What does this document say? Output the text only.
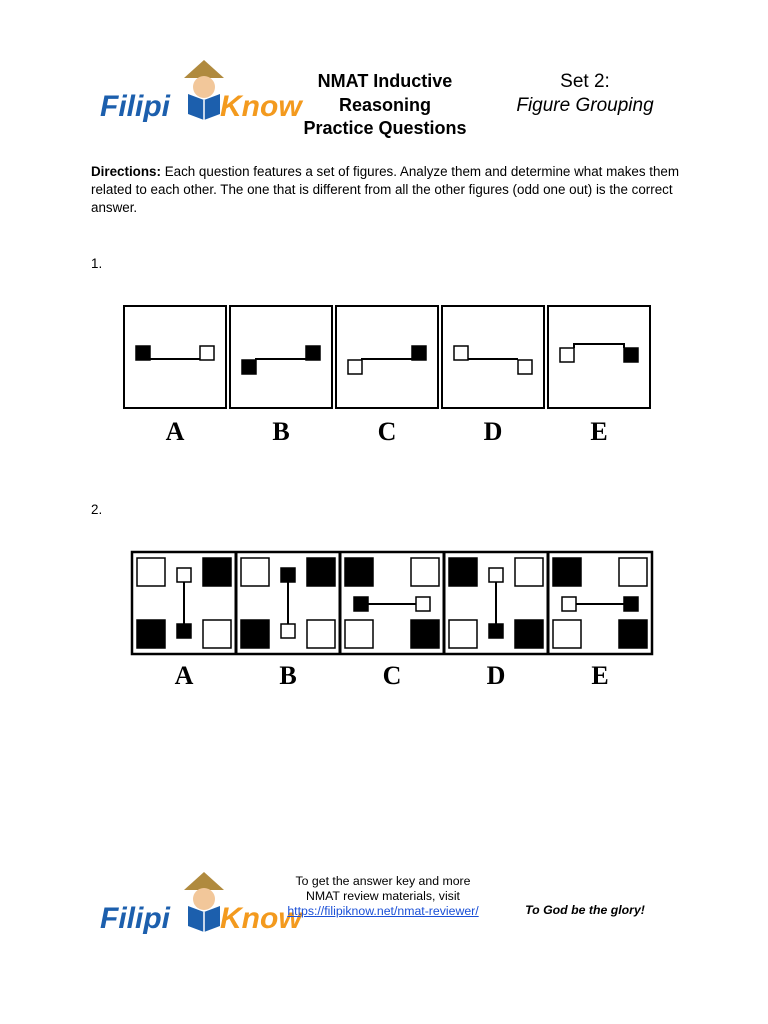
Filipi Know
NMAT Inductive
Reasoning
Practice Questions
Set 2:
Figure Grouping

Directions: Each question features a set of figures. Analyze them and determine what makes them related to each other. The one that is different from all the other figures (odd one out) is the correct answer.

1.
A	B	C	D	E
2.
A	B	C	D	E
Filipi Know

To get the answer key and more NMAT review materials, visit
https://filipiknow.net/nmat-reviewer/	To God be the glory!
